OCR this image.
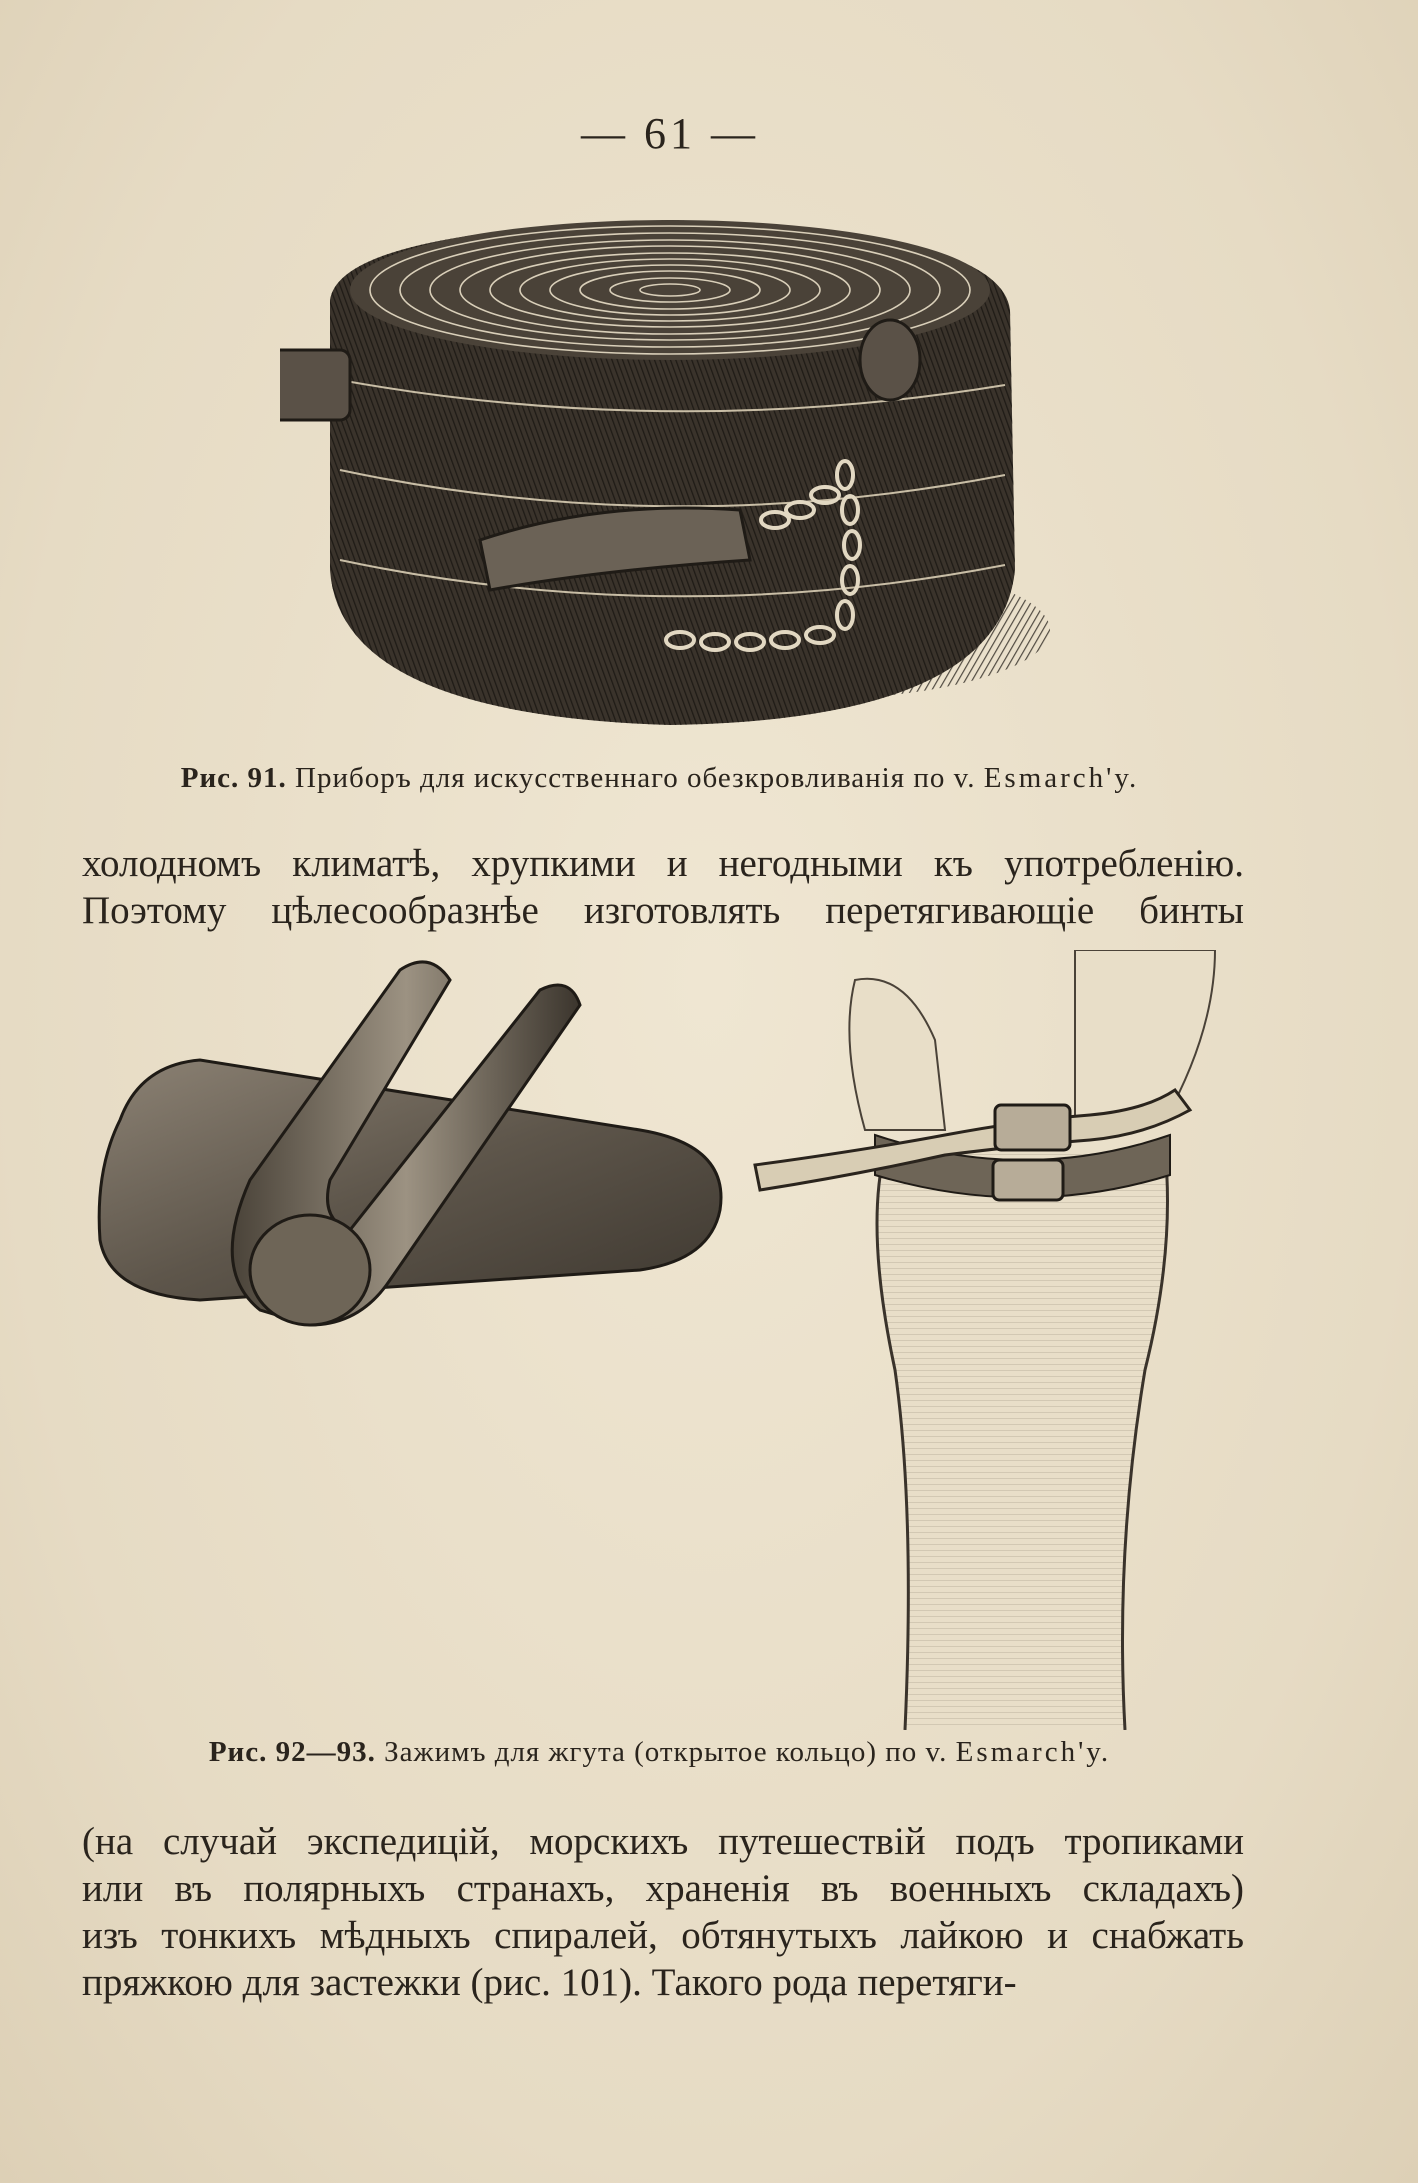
— 61 —
Рис. 91. Приборъ для искусственнаго обезкровливанія по v. Esmarch'у.
холодномъ климатѣ, хрупкими и негодными къ употребленію.
Поэтому цѣлесообразнѣе изготовлять перетягивающіе бинты
Рис. 92—93. Зажимъ для жгута (открытое кольцо) по v. Esmarch'у.
(на случай экспедицій, морскихъ путешествій подъ тропиками
или въ полярныхъ странахъ, храненія въ военныхъ складахъ)
изъ тонкихъ мѣдныхъ спиралей, обтянутыхъ лайкою и снабжать
пряжкою для застежки (рис. 101). Такого рода перетяги-
